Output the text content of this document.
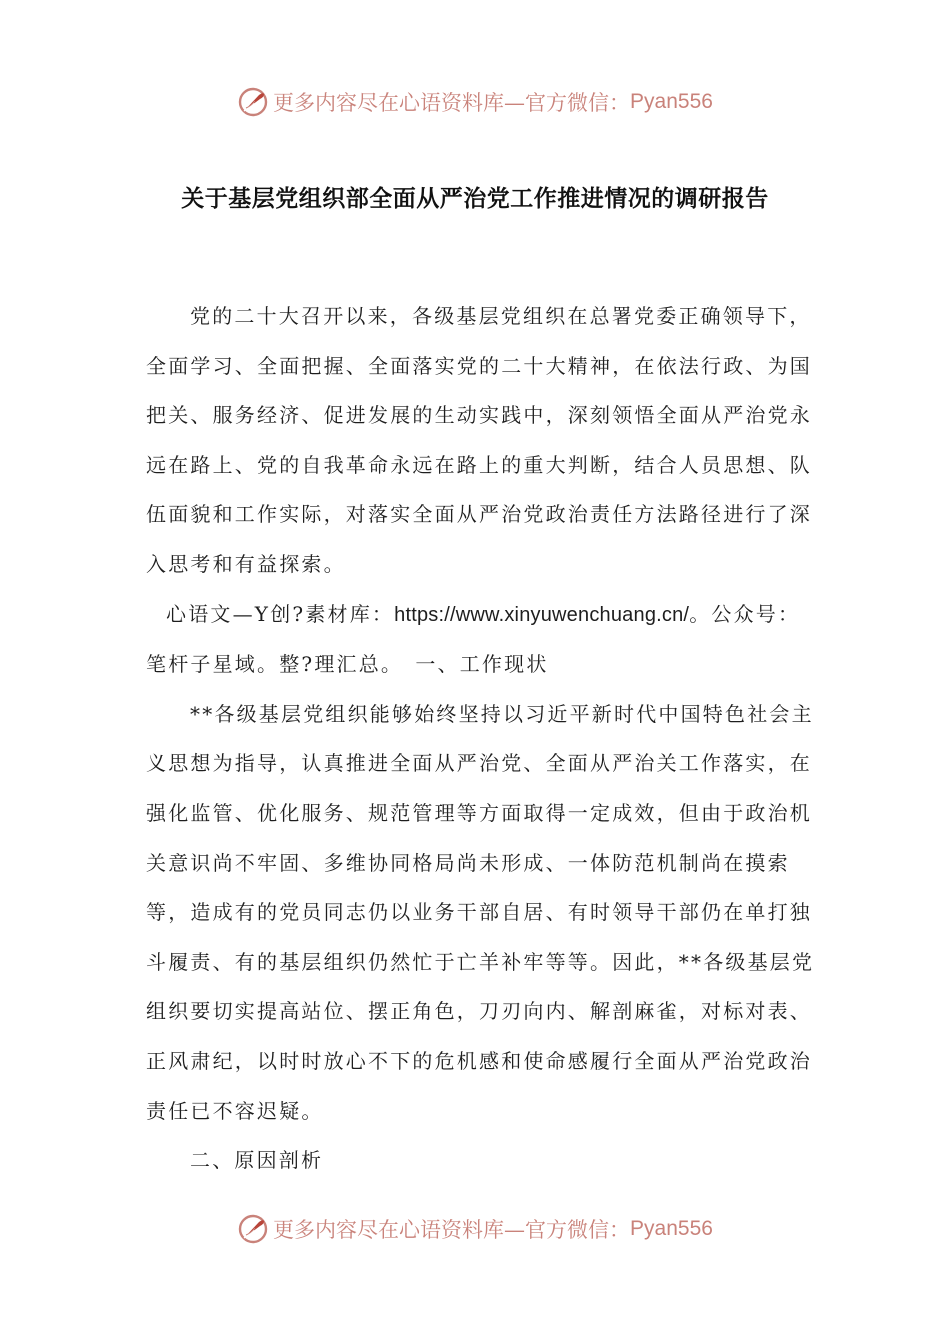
更多内容尽在心语资料库—官方微信： Pyan556
关于基层党组织部全面从严治党工作推进情况的调研报告

党的二十大召开以来，各级基层党组织在总署党委正确领导下，全面学习、全面把握、全面落实党的二十大精神，在依法行政、为国把关、服务经济、促进发展的生动实践中，深刻领悟全面从严治党永远在路上、党的自我革命永远在路上的重大判断，结合人员思想、队伍面貌和工作实际，对落实全面从严治党政治责任方法路径进行了深入思考和有益探索。

心语文—Y创?素材库：https://www.xinyuwenchuang.cn/。公众号：笔杆子星域。整?理汇总。　一、工作现状

**各级基层党组织能够始终坚持以习近平新时代中国特色社会主义思想为指导，认真推进全面从严治党、全面从严治关工作落实，在强化监管、优化服务、规范管理等方面取得一定成效，但由于政治机关意识尚不牢固、多维协同格局尚未形成、一体防范机制尚在摸索等，造成有的党员同志仍以业务干部自居、有时领导干部仍在单打独斗履责、有的基层组织仍然忙于亡羊补牢等等。因此，**各级基层党组织要切实提高站位、摆正角色，刀刃向内、解剖麻雀，对标对表、正风肃纪，以时时放心不下的危机感和使命感履行全面从严治党政治责任已不容迟疑。

二、原因剖析

更多内容尽在心语资料库—官方微信： Pyan556
